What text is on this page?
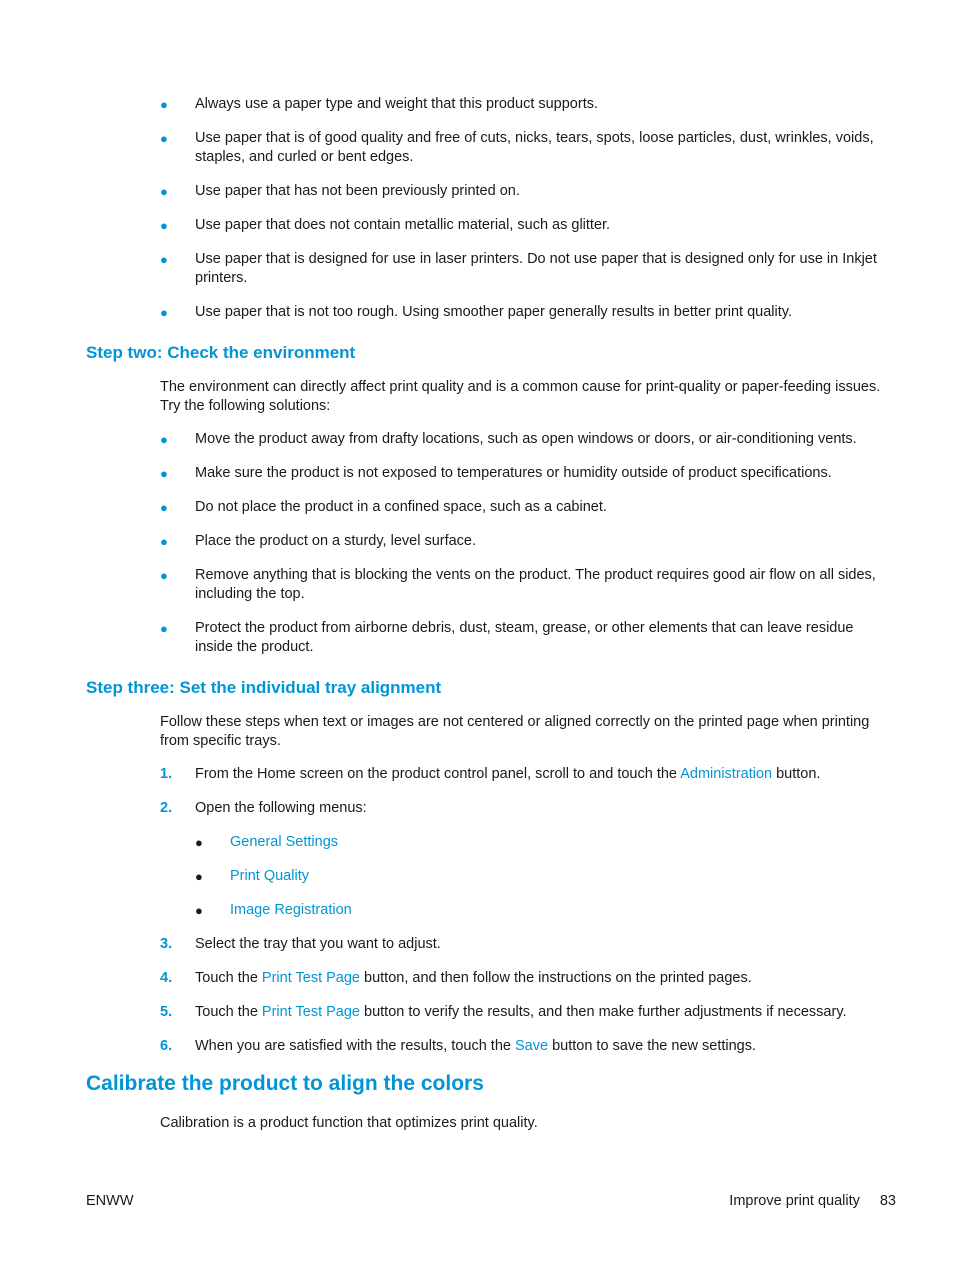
● Always use a paper type and weight that this product supports.
● Use paper that is of good quality and free of cuts, nicks, tears, spots, loose particles, dust, wrinkles, voids, staples, and curled or bent edges.
● Use paper that has not been previously printed on.
● Use paper that does not contain metallic material, such as glitter.
● Use paper that is designed for use in laser printers. Do not use paper that is designed only for use in Inkjet printers.
● Use paper that is not too rough. Using smoother paper generally results in better print quality.
Step two: Check the environment

The environment can directly affect print quality and is a common cause for print-quality or paper-feeding issues. Try the following solutions:

● Move the product away from drafty locations, such as open windows or doors, or air-conditioning vents.
● Make sure the product is not exposed to temperatures or humidity outside of product specifications.
● Do not place the product in a confined space, such as a cabinet.
● Place the product on a sturdy, level surface.
● Remove anything that is blocking the vents on the product. The product requires good air flow on all sides, including the top.
● Protect the product from airborne debris, dust, steam, grease, or other elements that can leave residue inside the product.
Step three: Set the individual tray alignment

Follow these steps when text or images are not centered or aligned correctly on the printed page when printing from specific trays.

1. From the Home screen on the product control panel, scroll to and touch the Administration button.
2. Open the following menus:
● General Settings
● Print Quality
● Image Registration
3. Select the tray that you want to adjust.
4. Touch the Print Test Page button, and then follow the instructions on the printed pages.
5. Touch the Print Test Page button to verify the results, and then make further adjustments if necessary.
6. When you are satisfied with the results, touch the Save button to save the new settings.
Calibrate the product to align the colors

Calibration is a product function that optimizes print quality.

ENWW	Improve print quality 83
